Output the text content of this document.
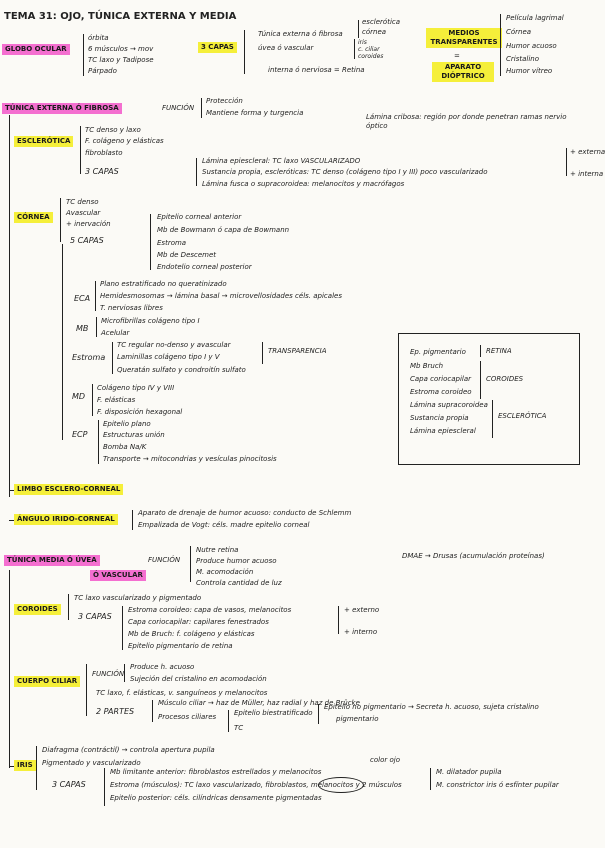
TEMA 31: OJO, TÚNICA EXTERNA Y MEDIA
GLOBO OCULAR
órbita
6 músculos → mov
TC laxo y Tadipose
Párpado
3 CAPAS
Túnica externa ó fibrosa
úvea ó vascular
interna ó nerviosa = Retina
esclerótica
córnea
iris
c. ciliar
coroides
MEDIOS TRANSPARENTES
=
APARATO DIÓPTRICO
Película lagrimal
Córnea
Humor acuoso
Cristalino
Humor vítreo
TÚNICA EXTERNA Ó FIBROSA	FUNCIÓN
Protección
Mantiene forma y turgencia	Lámina cribosa: región por donde penetran ramas nervio óptico
ESCLERÓTICA
TC denso y laxo
F. colágeno y elásticas
fibroblasto
3 CAPAS
Lámina epiescleral: TC laxo VASCULARIZADO
Sustancia propia, escleróticas: TC denso (colágeno tipo I y III) poco vascularizado
Lámina fusca o supracoroidea: melanocitos y macrófagos
+ externa
+ interna
CÓRNEA
TC denso
Avascular
+ inervación
5 CAPAS
Epitelio corneal anterior
Mb de Bowmann ó capa de Bowmann
Estroma
Mb de Descemet
Endotelio corneal posterior
ECA
Plano estratificado no queratinizado
Hemidesmosomas → lámina basal → microvellosidades céls. apicales
T. nerviosas libres
MB
Microfibrillas colágeno tipo I
Acelular
Estroma
TC regular no-denso y avascular
Laminillas colágeno tipo I y V
Queratán sulfato y condroitín sulfato
TRANSPARENCIA
MD
Colágeno tipo IV y VIII
F. elásticas
F. disposición hexagonal
ECP
Epitelio plano
Estructuras unión
Bomba Na/K
Transporte → mitocondrias y vesículas pinocitosis
LIMBO ESCLERO-CORNEAL
ÁNGULO IRIDO-CORNEAL
Aparato de drenaje de humor acuoso: conducto de Schlemm
Empalizada de Vogt: céls. madre epitelio corneal
Ep. pigmentario
Mb Bruch
Capa coriocapilar
Estroma coroideo
Lámina supracoroidea
Sustancia propia
Lámina epiescleral
RETINA
COROIDES
ESCLERÓTICA
TÚNICA MEDIA Ó ÚVEA
Ó VASCULAR
FUNCIÓN
Nutre retina
Produce humor acuoso
M. acomodación
Controla cantidad de luz
DMAE → Drusas (acumulación proteínas)
COROIDES
TC laxo vascularizado y pigmentado
3 CAPAS
Estroma coroideo: capa de vasos, melanocitos
Capa coriocapilar: capilares fenestrados
Mb de Bruch: f. colágeno y elásticas
Epitelio pigmentario de retina
+ externo
+ interno
CUERPO CILIAR
FUNCIÓN
Produce h. acuoso
Sujeción del cristalino en acomodación
TC laxo, f. elásticas, v. sanguíneos y melanocitos
2 PARTES
Músculo ciliar → haz de Müller, haz radial y haz de Brücke
Procesos ciliares	Epitelio biestratificado
TC
Epitelio no pigmentario → Secreta h. acuoso, sujeta cristalino
pigmentario
IRIS
Diafragma (contráctil) → controla apertura pupila
Pigmentado y vascularizado
3 CAPAS
Mb limitante anterior: fibroblastos estrellados y melanocitos
Estroma (músculos): TC laxo vascularizado, fibroblastos, melanocitos y 2 músculos
Epitelio posterior: céls. cilíndricas densamente pigmentadas
color ojo
M. dilatador pupila
M. constrictor iris ó esfínter pupilar
